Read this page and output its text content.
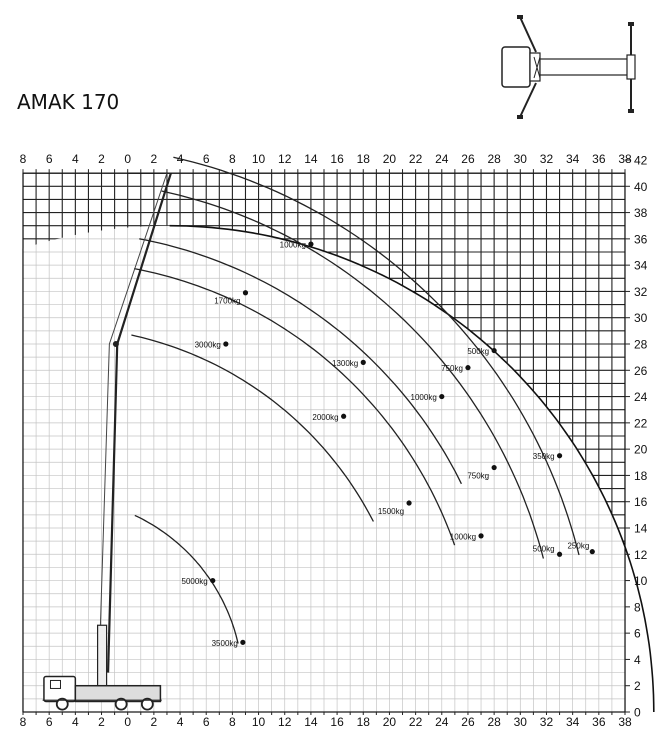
AMAK 170
3500kg
5000kg
3000kg
2000kg
1500kg
1700kg
1300kg
1000kg
1000kg
1000kg
750kg
750kg
500kg
500kg
350kg
250kg
8
8
6
6
4
4
2
2
0
0
2
2
4
4
6
6
8
8
10
10
12
12
14
14
16
16
18
18
20
20
22
22
24
24
26
26
28
28
30
30
32
32
34
34
36
36
38
38
0
2
4
6
8
10
12
14
16
18
20
22
24
26
28
30
32
34
36
38
40
42
